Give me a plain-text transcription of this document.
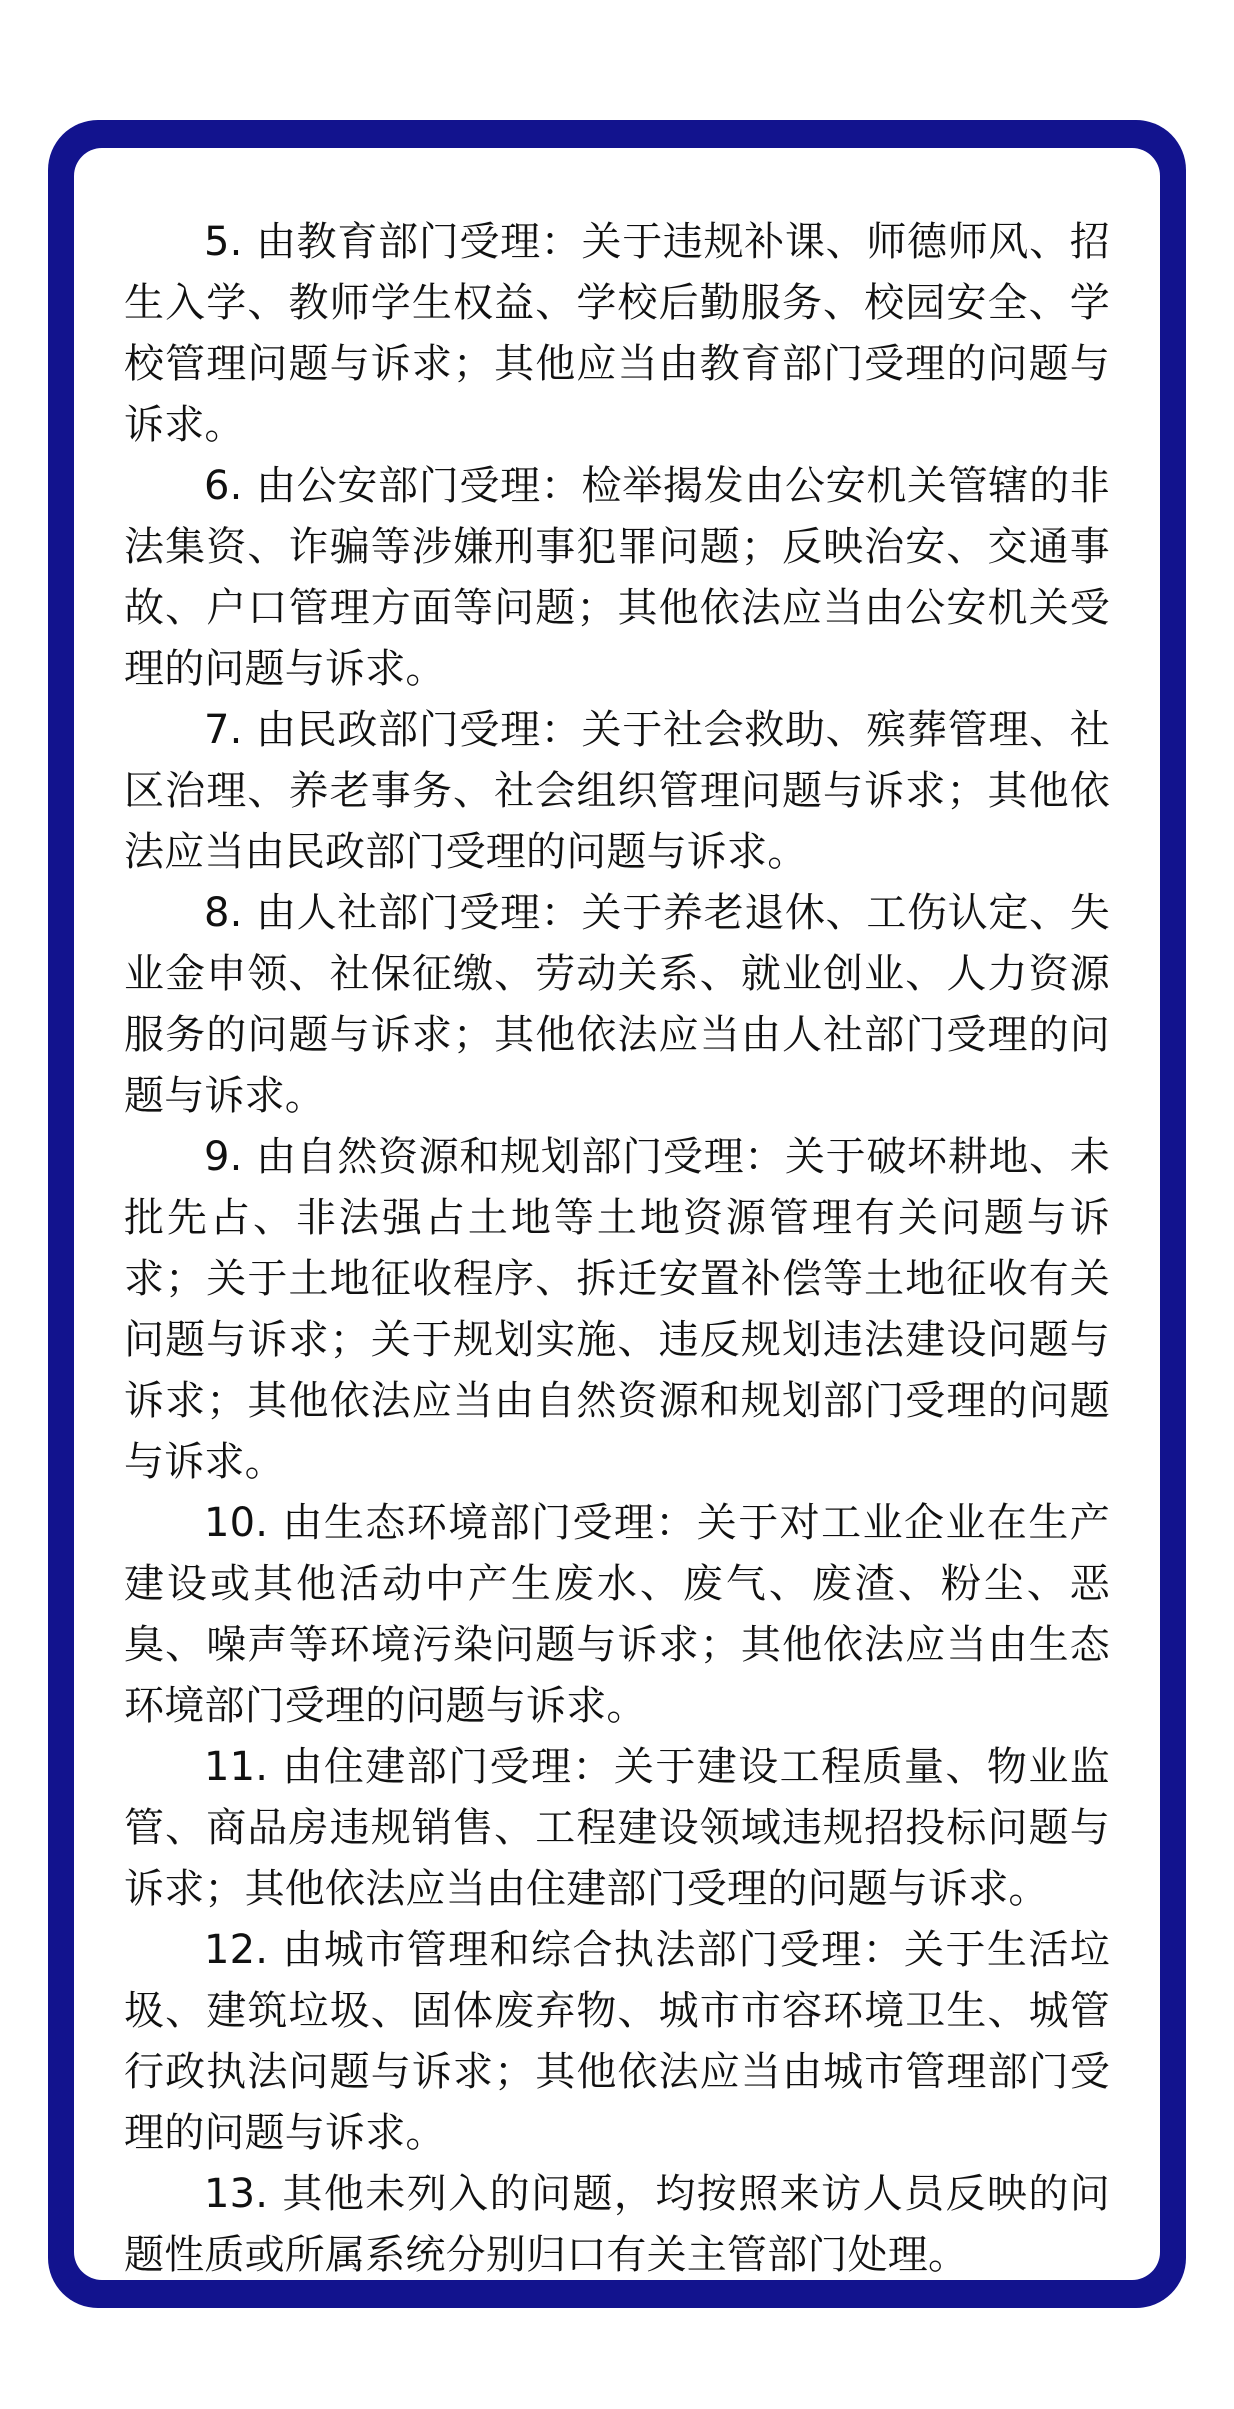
5. 由教育部门受理：关于违规补课、师德师风、招生入学、教师学生权益、学校后勤服务、校园安全、学校管理问题与诉求；其他应当由教育部门受理的问题与诉求。

6. 由公安部门受理：检举揭发由公安机关管辖的非法集资、诈骗等涉嫌刑事犯罪问题；反映治安、交通事故、户口管理方面等问题；其他依法应当由公安机关受理的问题与诉求。

7. 由民政部门受理：关于社会救助、殡葬管理、社区治理、养老事务、社会组织管理问题与诉求；其他依法应当由民政部门受理的问题与诉求。

8. 由人社部门受理：关于养老退休、工伤认定、失业金申领、社保征缴、劳动关系、就业创业、人力资源服务的问题与诉求；其他依法应当由人社部门受理的问题与诉求。

9. 由自然资源和规划部门受理：关于破坏耕地、未批先占、非法强占土地等土地资源管理有关问题与诉求；关于土地征收程序、拆迁安置补偿等土地征收有关问题与诉求；关于规划实施、违反规划违法建设问题与诉求；其他依法应当由自然资源和规划部门受理的问题与诉求。

10. 由生态环境部门受理：关于对工业企业在生产建设或其他活动中产生废水、废气、废渣、粉尘、恶臭、噪声等环境污染问题与诉求；其他依法应当由生态环境部门受理的问题与诉求。

11. 由住建部门受理：关于建设工程质量、物业监管、商品房违规销售、工程建设领域违规招投标问题与诉求；其他依法应当由住建部门受理的问题与诉求。

12. 由城市管理和综合执法部门受理：关于生活垃圾、建筑垃圾、固体废弃物、城市市容环境卫生、城管行政执法问题与诉求；其他依法应当由城市管理部门受理的问题与诉求。

13. 其他未列入的问题，均按照来访人员反映的问题性质或所属系统分别归口有关主管部门处理。
